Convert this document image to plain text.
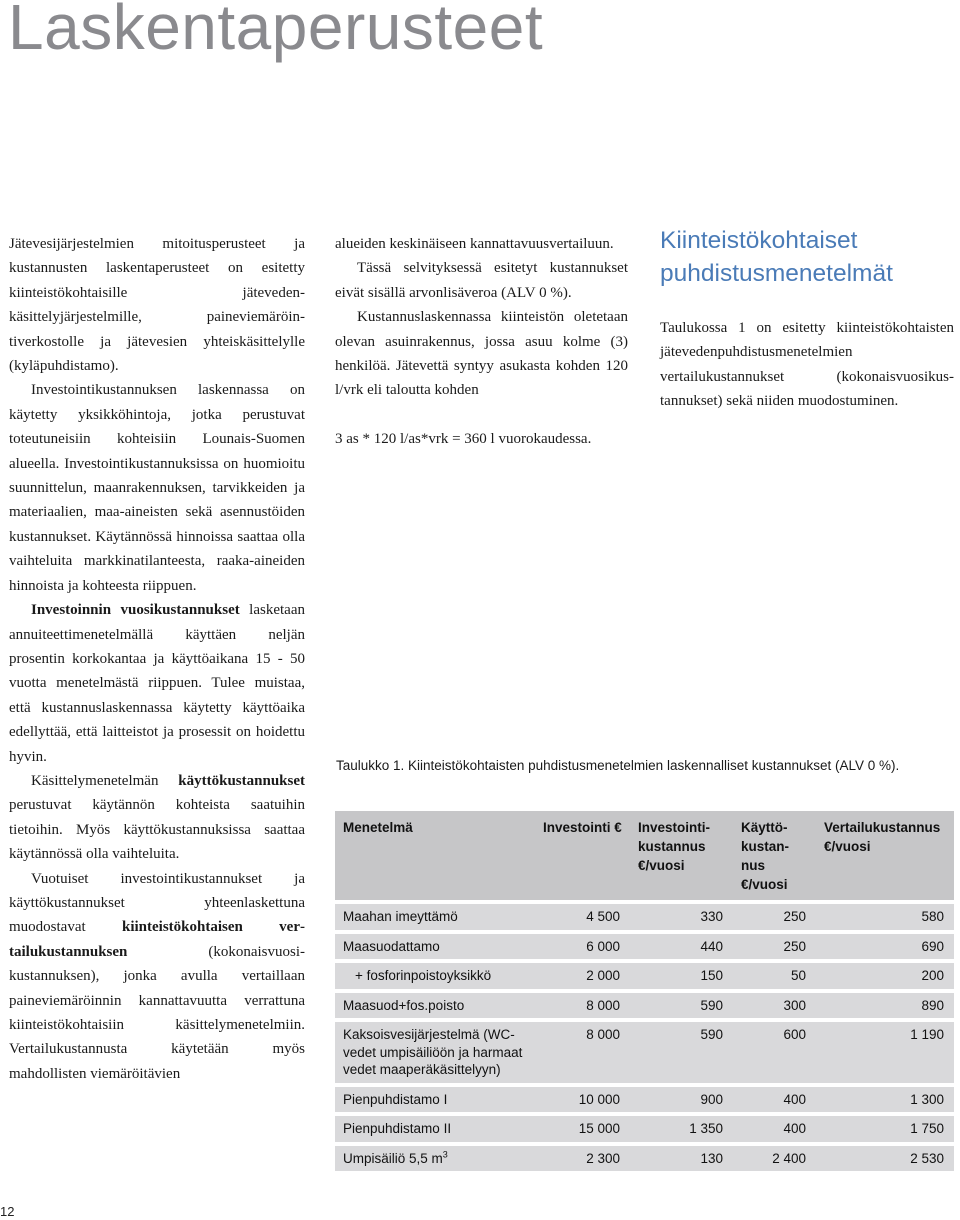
Laskentaperusteet

Jätevesijärjestelmien mitoitusperusteet ja kustannusten laskentaperusteet on esitetty kiinteistökohtaisille jätevedenkäsittelyjärjestelmille, paineviemäröintiverkostolle ja jätevesien yhteiskäsittelylle (kyläpuhdistamo).

Investointikustannuksen laskennassa on käytetty yksikköhintoja, jotka perustuvat toteutuneisiin kohteisiin Lounais-Suomen alueella. Investointikustannuksissa on huomioitu suunnittelun, maanrakennuksen, tarvikkeiden ja materiaalien, maa-aineisten sekä asennustöiden kustannukset. Käytännössä hinnoissa saattaa olla vaihteluita markkinatilanteesta, raaka-aineiden hinnoista ja kohteesta riippuen.

Investoinnin vuosikustannukset lasketaan annuiteettimenetelmällä käyttäen neljän prosentin korkokantaa ja käyttöaikana 15 - 50 vuotta menetelmästä riippuen. Tulee muistaa, että kustannuslaskennassa käytetty käyttöaika edellyttää, että laitteistot ja prosessit on hoidettu hyvin.

Käsittelymenetelmän käyttökustannukset perustuvat käytännön kohteista saatuihin tietoihin. Myös käyttökustannuksissa saattaa käytännössä olla vaihteluita.

Vuotuiset investointikustannukset ja käyttökustannukset yhteenlaskettuna muodostavat kiinteistökohtaisen vertailukustannuksen (kokonaisvuosikustannuksen), jonka avulla vertaillaan paineviemäröinnin kannattavuutta verrattuna kiinteistökohtaisiin käsittelymenetelmiin. Vertailukustannusta käytetään myös mahdollisten viemäröitävien

alueiden keskinäiseen kannattavuusvertailuun.

Tässä selvityksessä esitetyt kustannukset eivät sisällä arvonlisäveroa (ALV 0 %).

Kustannuslaskennassa kiinteistön oletetaan olevan asuinrakennus, jossa asuu kolme (3) henkilöä. Jätevettä syntyy asukasta kohden 120 l/vrk eli taloutta kohden

3 as * 120 l/as*vrk = 360 l vuorokaudessa.

Kiinteistökohtaiset puhdistusmenetelmät

Taulukossa 1 on esitetty kiinteistökohtaisten jätevedenpuhdistusmenetelmien vertailukustannukset (kokonaisvuosikustannukset) sekä niiden muodostuminen.

Taulukko 1. Kiinteistökohtaisten puhdistusmenetelmien laskennalliset kustannukset (ALV 0 %).
Menetelmä	Investointi €	Investointikustannus €/vuosi	Käyttökustannus €/vuosi	Vertailukustannus €/vuosi
Maahan imeyttämö	4 500	330	250	580
Maasuodattamo	6 000	440	250	690
+ fosforinpoistoyksikkö	2 000	150	50	200
Maasuod+fos.poisto	8 000	590	300	890
Kaksoisvesijärjestelmä (WC-vedet umpisäiliöön ja harmaat vedet maaperäkäsittelyyn)	8 000	590	600	1 190
Pienpuhdistamo I	10 000	900	400	1 300
Pienpuhdistamo II	15 000	1 350	400	1 750
Umpisäiliö 5,5 $m^3$	2 300	130	2 400	2 530
12
